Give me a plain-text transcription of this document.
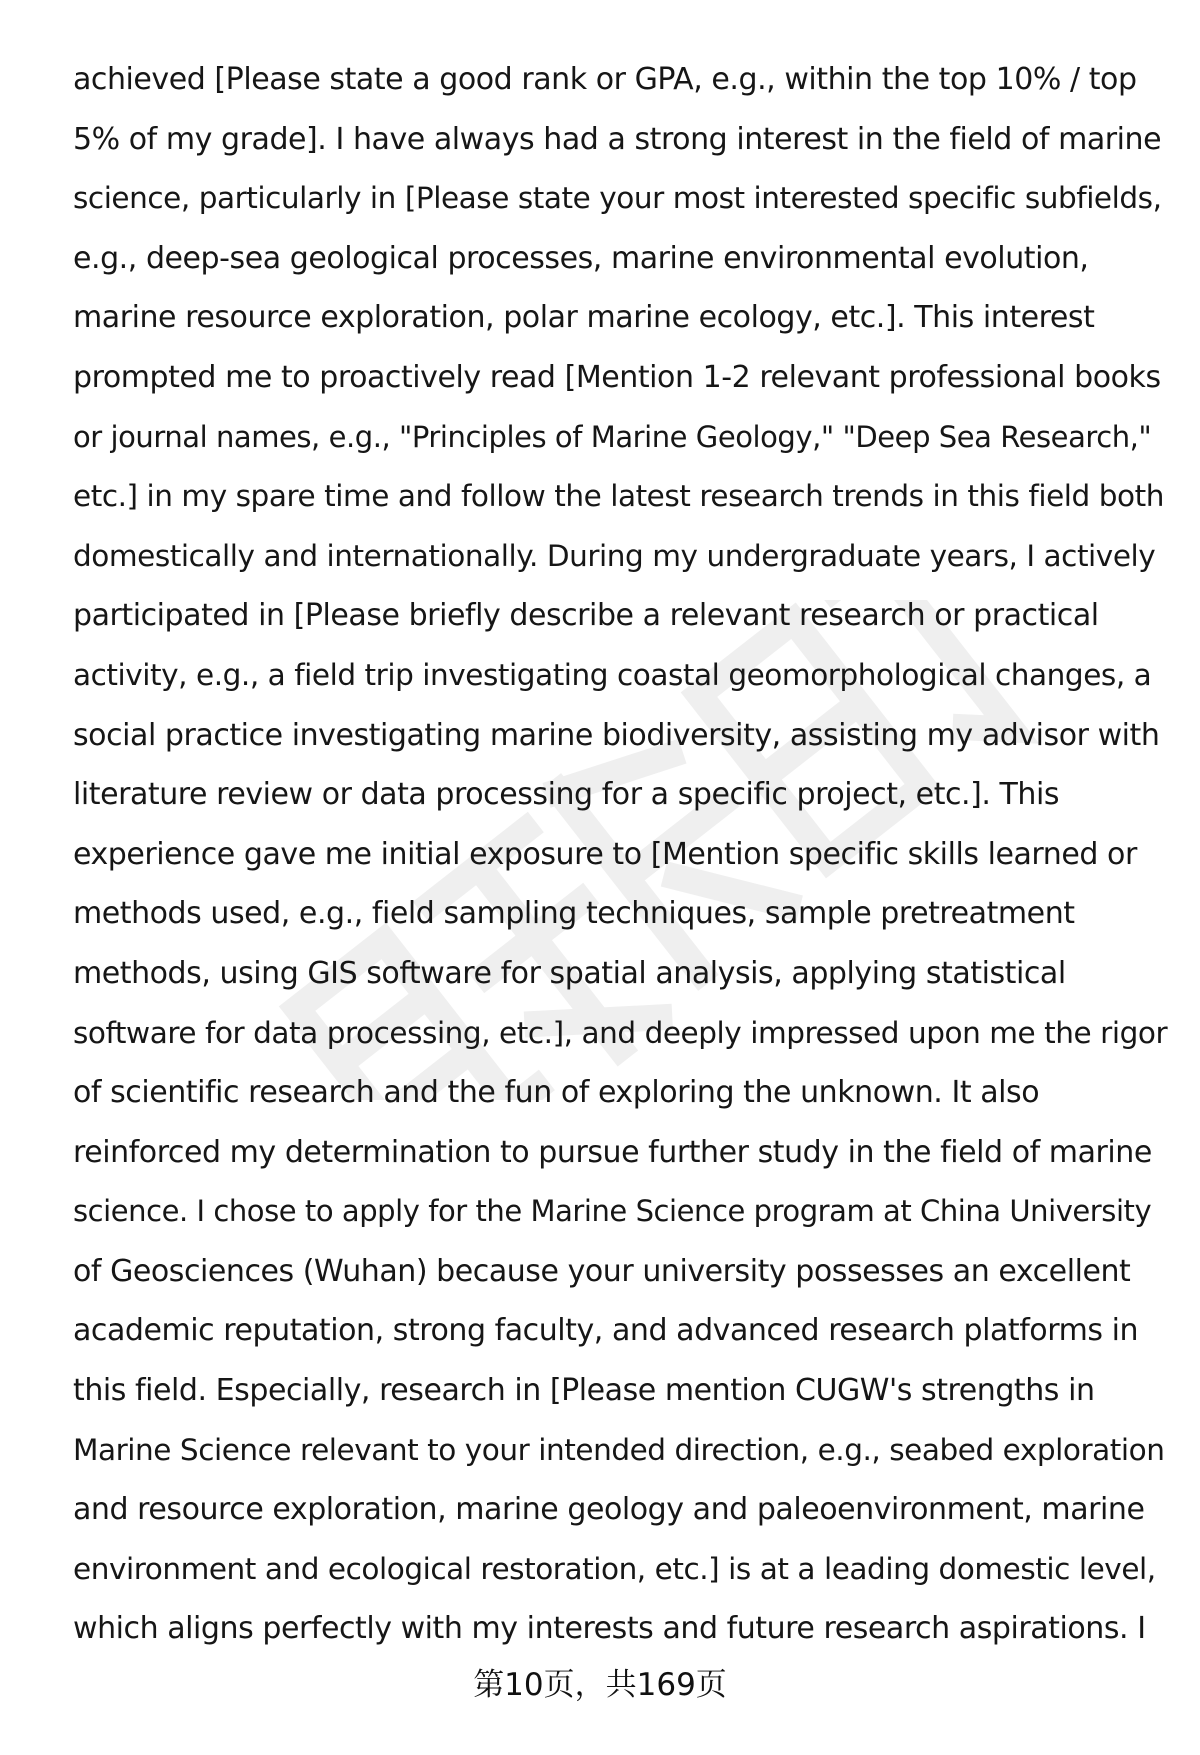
achieved [Please state a good rank or GPA, e.g., within the top 10% / top
5% of my grade]. I have always had a strong interest in the field of marine
science, particularly in [Please state your most interested specific subfields,
e.g., deep-sea geological processes, marine environmental evolution,
marine resource exploration, polar marine ecology, etc.]. This interest
prompted me to proactively read [Mention 1-2 relevant professional books
or journal names, e.g., "Principles of Marine Geology," "Deep Sea Research,"
etc.] in my spare time and follow the latest research trends in this field both
domestically and internationally. During my undergraduate years, I actively
participated in [Please briefly describe a relevant research or practical
activity, e.g., a field trip investigating coastal geomorphological changes, a
social practice investigating marine biodiversity, assisting my advisor with
literature review or data processing for a specific project, etc.]. This
experience gave me initial exposure to [Mention specific skills learned or
methods used, e.g., field sampling techniques, sample pretreatment
methods, using GIS software for spatial analysis, applying statistical
software for data processing, etc.], and deeply impressed upon me the rigor
of scientific research and the fun of exploring the unknown. It also
reinforced my determination to pursue further study in the field of marine
science. I chose to apply for the Marine Science program at China University
of Geosciences (Wuhan) because your university possesses an excellent
academic reputation, strong faculty, and advanced research platforms in
this field. Especially, research in [Please mention CUGW's strengths in
Marine Science relevant to your intended direction, e.g., seabed exploration
and resource exploration, marine geology and paleoenvironment, marine
environment and ecological restoration, etc.] is at a leading domestic level,
which aligns perfectly with my interests and future research aspirations. I
第10页，共169页
